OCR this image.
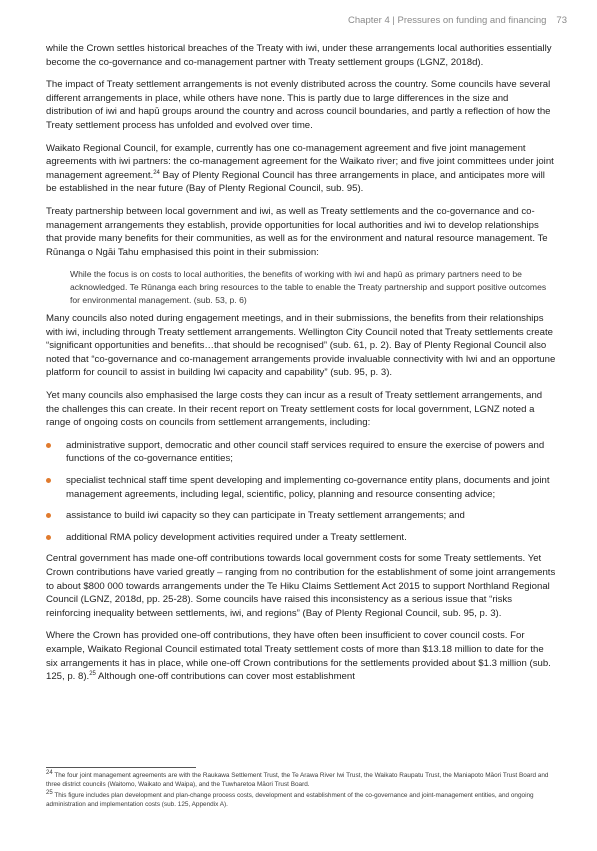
Chapter 4 | Pressures on funding and financing 73

while the Crown settles historical breaches of the Treaty with iwi, under these arrangements local authorities essentially become the co-governance and co-management partner with Treaty settlement groups (LGNZ, 2018d).

The impact of Treaty settlement arrangements is not evenly distributed across the country. Some councils have several different arrangements in place, while others have none. This is partly due to large differences in the size and distribution of iwi and hapū groups around the country and across council boundaries, and partly a reflection of how the Treaty settlement process has unfolded and evolved over time.

Waikato Regional Council, for example, currently has one co-management agreement and five joint management agreements with iwi partners: the co-management agreement for the Waikato river; and five joint committees under joint management agreement.$^{24}$ Bay of Plenty Regional Council has three arrangements in place, and anticipates more will be established in the near future (Bay of Plenty Regional Council, sub. 95).

Treaty partnership between local government and iwi, as well as Treaty settlements and the co-governance and co-management arrangements they establish, provide opportunities for local authorities and iwi to develop relationships that provide many benefits for their communities, as well as for the environment and natural resource management. Te Rūnanga o Ngāi Tahu emphasised this point in their submission:

While the focus is on costs to local authorities, the benefits of working with iwi and hapū as primary partners need to be acknowledged. Te Rūnanga each bring resources to the table to enable the Treaty partnership and support positive outcomes for environmental management. (sub. 53, p. 6)

Many councils also noted during engagement meetings, and in their submissions, the benefits from their relationships with iwi, including through Treaty settlement arrangements. Wellington City Council noted that Treaty settlements create “significant opportunities and benefits…that should be recognised” (sub. 61, p. 2). Bay of Plenty Regional Council also noted that “co-governance and co-management arrangements provide invaluable connectivity with Iwi and an opportune platform for council to assist in building Iwi capacity and capability” (sub. 95, p. 3).

Yet many councils also emphasised the large costs they can incur as a result of Treaty settlement arrangements, and the challenges this can create. In their recent report on Treaty settlement costs for local government, LGNZ noted a range of ongoing costs on councils from settlement arrangements, including:

administrative support, democratic and other council staff services required to ensure the exercise of powers and functions of the co-governance entities;
specialist technical staff time spent developing and implementing co-governance entity plans, documents and joint management agreements, including legal, scientific, policy, planning and resource consenting advice;
assistance to build iwi capacity so they can participate in Treaty settlement arrangements; and
additional RMA policy development activities required under a Treaty settlement.

Central government has made one-off contributions towards local government costs for some Treaty settlements. Yet Crown contributions have varied greatly – ranging from no contribution for the establishment of some joint arrangements to about $800 000 towards arrangements under the Te Hiku Claims Settlement Act 2015 to support Northland Regional Council (LGNZ, 2018d, pp. 25-28). Some councils have raised this inconsistency as a serious issue that “risks reinforcing inequality between settlements, iwi, and regions” (Bay of Plenty Regional Council, sub. 95, p. 3).

Where the Crown has provided one-off contributions, they have often been insufficient to cover council costs. For example, Waikato Regional Council estimated total Treaty settlement costs of more than $13.18 million to date for the six arrangements it has in place, while one-off Crown contributions for the settlements provided about $1.3 million (sub. 125, p. 8).$^{25}$ Although one-off contributions can cover most establishment

$^{24}$ The four joint management agreements are with the Raukawa Settlement Trust, the Te Arawa River Iwi Trust, the Waikato Raupatu Trust, the Maniapoto Māori Trust Board and three district councils (Waitomo, Waikato and Waipa), and the Tuwharetoa Māori Trust Board.
$^{25}$ This figure includes plan development and plan-change process costs, development and establishment of the co-governance and joint-management entities, and ongoing administration and implementation costs (sub. 125, Appendix A).
